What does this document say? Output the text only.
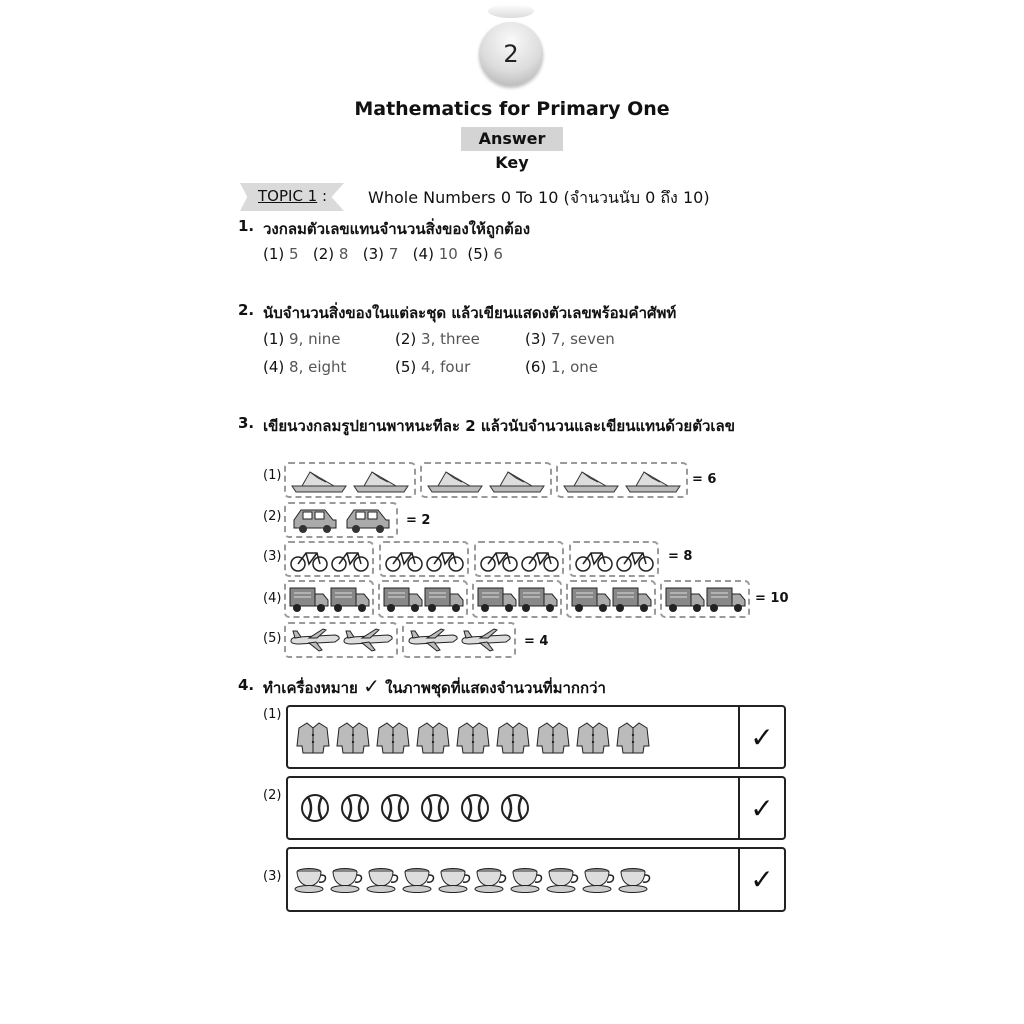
2
Mathematics for Primary One
Answer Key
TOPIC 1 :	Whole Numbers 0 To 10 (จำนวนนับ 0 ถึง 10)
1. วงกลมตัวเลขแทนจำนวนสิ่งของให้ถูกต้อง
(1) 5 (2) 8 (3) 7 (4) 10 (5) 6
2. นับจำนวนสิ่งของในแต่ละชุด แล้วเขียนแสดงตัวเลขพร้อมคำศัพท์
(1) 9, nine	(2) 3, three	(3) 7, seven
(4) 8, eight	(5) 4, four	(6) 1, one
3. เขียนวงกลมรูปยานพาหนะทีละ 2 แล้วนับจำนวนและเขียนแทนด้วยตัวเลข
(1)	= 6
(2)	= 2
(3)	= 8
(4)	= 10
(5)	= 4
4. ทำเครื่องหมาย ✓ ในภาพชุดที่แสดงจำนวนที่มากกว่า
(1)
✓
(2)	✓
(3)	✓
